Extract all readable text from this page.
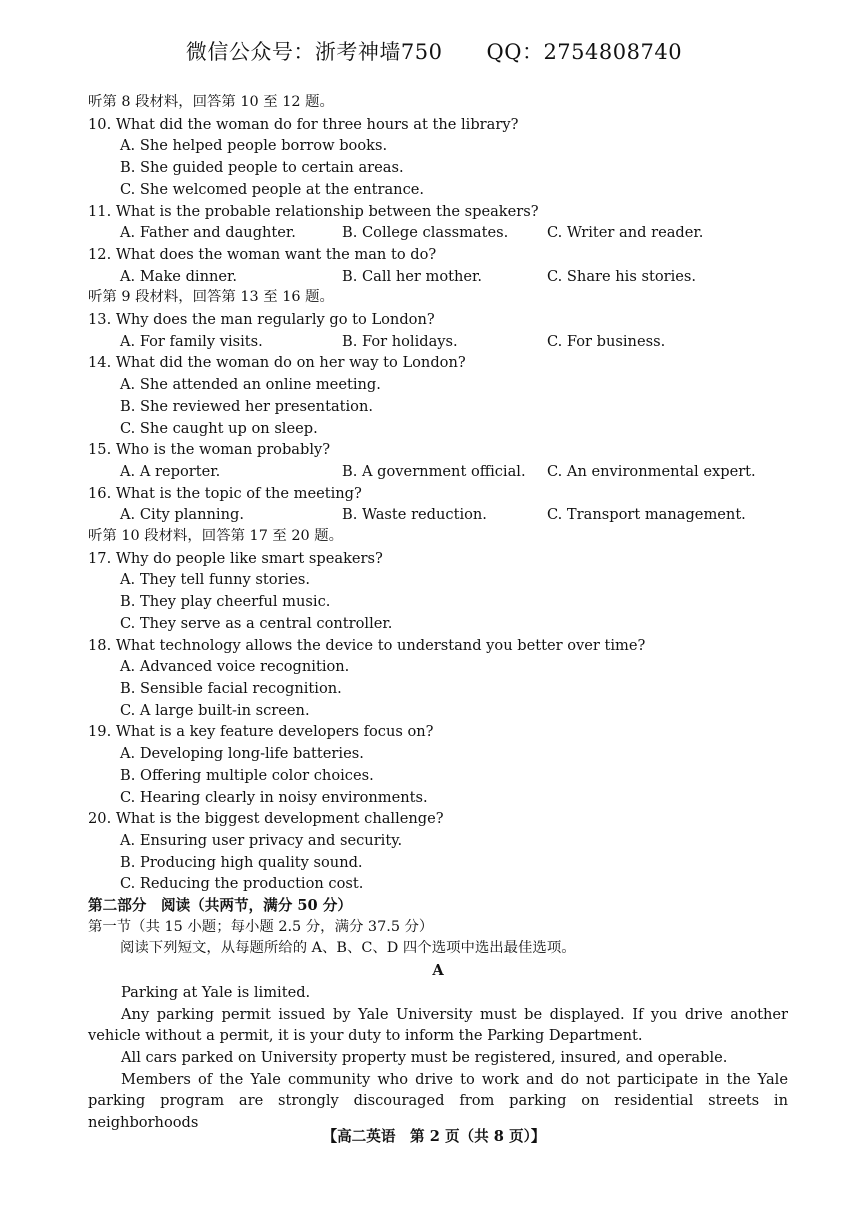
微信公众号：浙考神墙750 QQ：2754808740
听第 8 段材料，回答第 10 至 12 题。
10. What did the woman do for three hours at the library?
A. She helped people borrow books.
B. She guided people to certain areas.
C. She welcomed people at the entrance.
11. What is the probable relationship between the speakers?
A. Father and daughter.	B. College classmates.	C. Writer and reader.
12. What does the woman want the man to do?
A. Make dinner.	B. Call her mother.	C. Share his stories.
听第 9 段材料，回答第 13 至 16 题。
13. Why does the man regularly go to London?
A. For family visits.	B. For holidays.	C. For business.
14. What did the woman do on her way to London?
A. She attended an online meeting.
B. She reviewed her presentation.
C. She caught up on sleep.
15. Who is the woman probably?
A. A reporter.	B. A government official.	C. An environmental expert.
16. What is the topic of the meeting?
A. City planning.	B. Waste reduction.	C. Transport management.
听第 10 段材料，回答第 17 至 20 题。
17. Why do people like smart speakers?
A. They tell funny stories.
B. They play cheerful music.
C. They serve as a central controller.
18. What technology allows the device to understand you better over time?
A. Advanced voice recognition.
B. Sensible facial recognition.
C. A large built-in screen.
19. What is a key feature developers focus on?
A. Developing long-life batteries.
B. Offering multiple color choices.
C. Hearing clearly in noisy environments.
20. What is the biggest development challenge?
A. Ensuring user privacy and security.
B. Producing high quality sound.
C. Reducing the production cost.
第二部分　阅读（共两节，满分 50 分）
第一节（共 15 小题；每小题 2.5 分，满分 37.5 分）
阅读下列短文，从每题所给的 A、B、C、D 四个选项中选出最佳选项。
A
Parking at Yale is limited.
Any parking permit issued by Yale University must be displayed. If you drive another vehicle without a permit, it is your duty to inform the Parking Department.
All cars parked on University property must be registered, insured, and operable.
Members of the Yale community who drive to work and do not participate in the Yale parking program are strongly discouraged from parking on residential streets in neighborhoods
【高二英语　第 2 页（共 8 页）】
